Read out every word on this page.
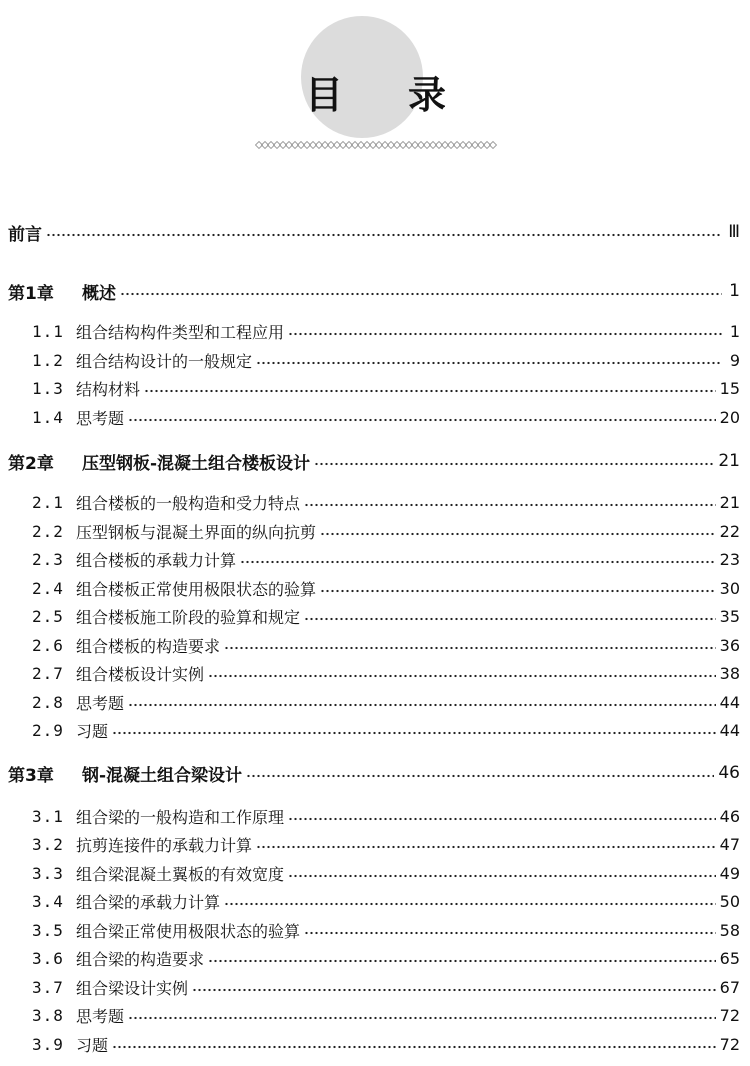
目 录
前言	Ⅲ
第1章	概述	1
1.1 组合结构构件类型和工程应用	1
1.2 组合结构设计的一般规定	9
1.3 结构材料	15
1.4 思考题	20
第2章	压型钢板-混凝土组合楼板设计	21
2.1 组合楼板的一般构造和受力特点	21
2.2 压型钢板与混凝土界面的纵向抗剪	22
2.3 组合楼板的承载力计算	23
2.4 组合楼板正常使用极限状态的验算	30
2.5 组合楼板施工阶段的验算和规定	35
2.6 组合楼板的构造要求	36
2.7 组合楼板设计实例	38
2.8 思考题	44
2.9 习题	44
第3章	钢-混凝土组合梁设计	46
3.1 组合梁的一般构造和工作原理	46
3.2 抗剪连接件的承载力计算	47
3.3 组合梁混凝土翼板的有效宽度	49
3.4 组合梁的承载力计算	50
3.5 组合梁正常使用极限状态的验算	58
3.6 组合梁的构造要求	65
3.7 组合梁设计实例	67
3.8 思考题	72
3.9 习题	72
